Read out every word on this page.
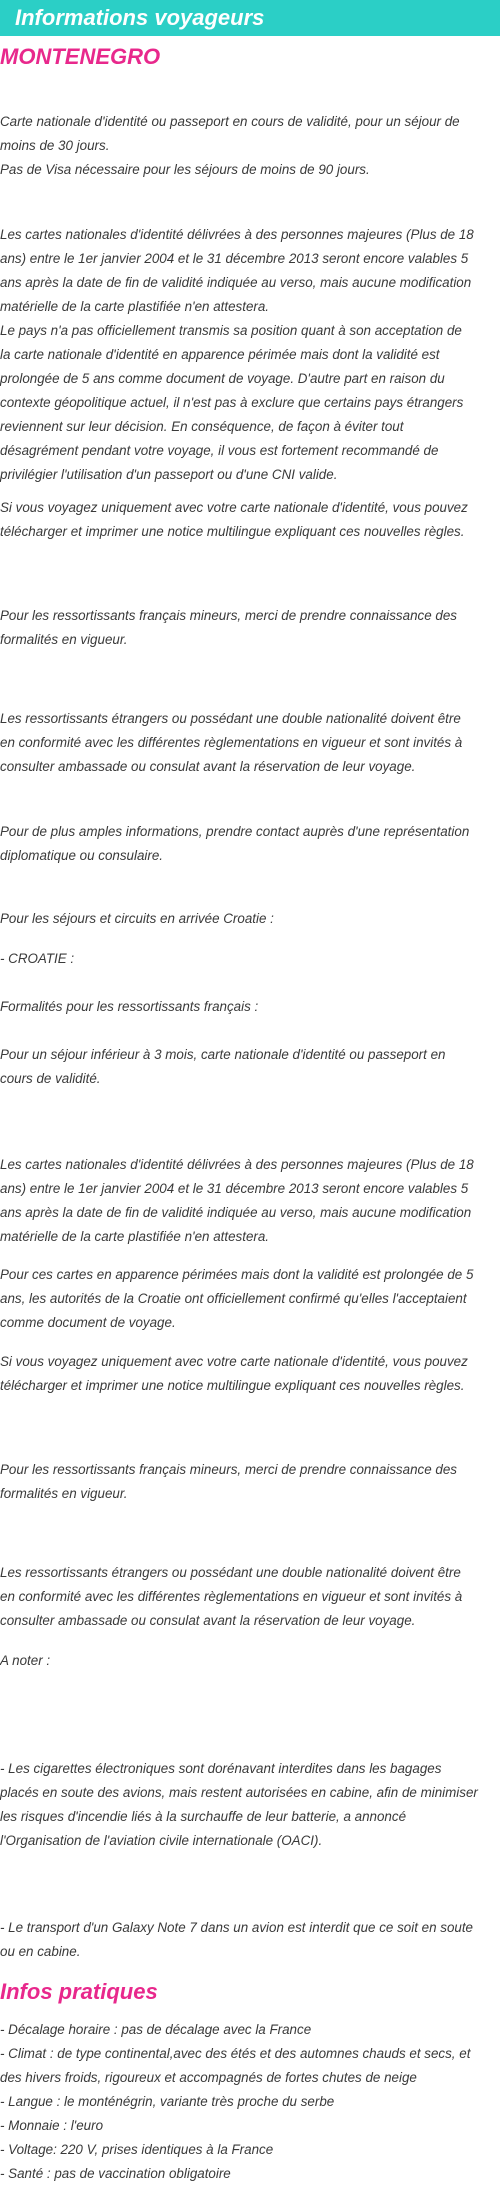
Informations voyageurs
MONTENEGRO
Carte nationale d'identité ou passeport en cours de validité, pour un séjour de
moins de 30 jours.
Pas de Visa nécessaire pour les séjours de moins de 90 jours.
Les cartes nationales d'identité délivrées à des personnes majeures (Plus de 18
ans) entre le 1er janvier 2004 et le 31 décembre 2013 seront encore valables 5
ans après la date de fin de validité indiquée au verso, mais aucune modification
matérielle de la carte plastifiée n'en attestera.
Le pays n'a pas officiellement transmis sa position quant à son acceptation de
la carte nationale d'identité en apparence périmée mais dont la validité est
prolongée de 5 ans comme document de voyage. D'autre part en raison du
contexte géopolitique actuel, il n'est pas à exclure que certains pays étrangers
reviennent sur leur décision. En conséquence, de façon à éviter tout
désagrément pendant votre voyage, il vous est fortement recommandé de
privilégier l'utilisation d'un passeport ou d'une CNI valide.
Si vous voyagez uniquement avec votre carte nationale d'identité, vous pouvez
télécharger et imprimer une notice multilingue expliquant ces nouvelles règles.
Pour les ressortissants français mineurs, merci de prendre connaissance des
formalités en vigueur.
Les ressortissants étrangers ou possédant une double nationalité doivent être
en conformité avec les différentes règlementations en vigueur et sont invités à
consulter ambassade ou consulat avant la réservation de leur voyage.
Pour de plus amples informations, prendre contact auprès d'une représentation
diplomatique ou consulaire.
Pour les séjours et circuits en arrivée Croatie :
- CROATIE :
Formalités pour les ressortissants français :
Pour un séjour inférieur à 3 mois, carte nationale d'identité ou passeport en
cours de validité.
Les cartes nationales d'identité délivrées à des personnes majeures (Plus de 18
ans) entre le 1er janvier 2004 et le 31 décembre 2013 seront encore valables 5
ans après la date de fin de validité indiquée au verso, mais aucune modification
matérielle de la carte plastifiée n'en attestera.
Pour ces cartes en apparence périmées mais dont la validité est prolongée de 5
ans, les autorités de la Croatie ont officiellement confirmé qu'elles l'acceptaient
comme document de voyage.
Si vous voyagez uniquement avec votre carte nationale d'identité, vous pouvez
télécharger et imprimer une notice multilingue expliquant ces nouvelles règles.
Pour les ressortissants français mineurs, merci de prendre connaissance des
formalités en vigueur.
Les ressortissants étrangers ou possédant une double nationalité doivent être
en conformité avec les différentes règlementations en vigueur et sont invités à
consulter ambassade ou consulat avant la réservation de leur voyage.
A noter :
- Les cigarettes électroniques sont dorénavant interdites dans les bagages
placés en soute des avions, mais restent autorisées en cabine, afin de minimiser
les risques d'incendie liés à la surchauffe de leur batterie, a annoncé
l'Organisation de l'aviation civile internationale (OACI).
- Le transport d'un Galaxy Note 7 dans un avion est interdit que ce soit en soute
ou en cabine.
- Décalage horaire : pas de décalage avec la France
- Climat : de type continental,avec des étés et des automnes chauds et secs, et
des hivers froids, rigoureux et accompagnés de fortes chutes de neige
- Langue : le monténégrin, variante très proche du serbe
- Monnaie : l'euro
- Voltage: 220 V, prises identiques à la France
- Santé : pas de vaccination obligatoire
Infos pratiques
